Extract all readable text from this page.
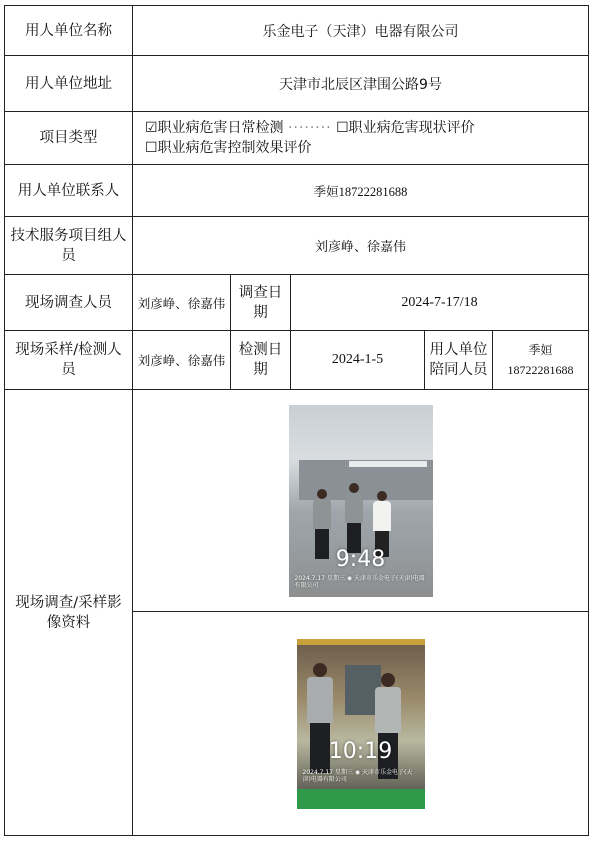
用人单位名称	乐金电子（天津）电器有限公司				
用人单位地址	天津市北辰区津围公路9号				
项目类型	☑职业病危害日常检测 ········ ☐职业病危害现状评价
☐职业病危害控制效果评价				

用人单位联系人	季姮18722281688				
技术服务项目组人员	刘彦峥、徐嘉伟				
现场调查人员	刘彦峥、徐嘉伟	调查日期	2024-7-17/18		
现场采样/检测人员	刘彦峥、徐嘉伟	检测日期	2024-1-5	用人单位陪同人员	季姮
18722281688

现场调查/采样影像资料	9:48
2024.7.17 星期三 ◉ 天津市乐金电子(天津)电器有限公司				

	10:19
2024.7.17 星期三 ◉ 天津市乐金电子(天津)电器有限公司				
